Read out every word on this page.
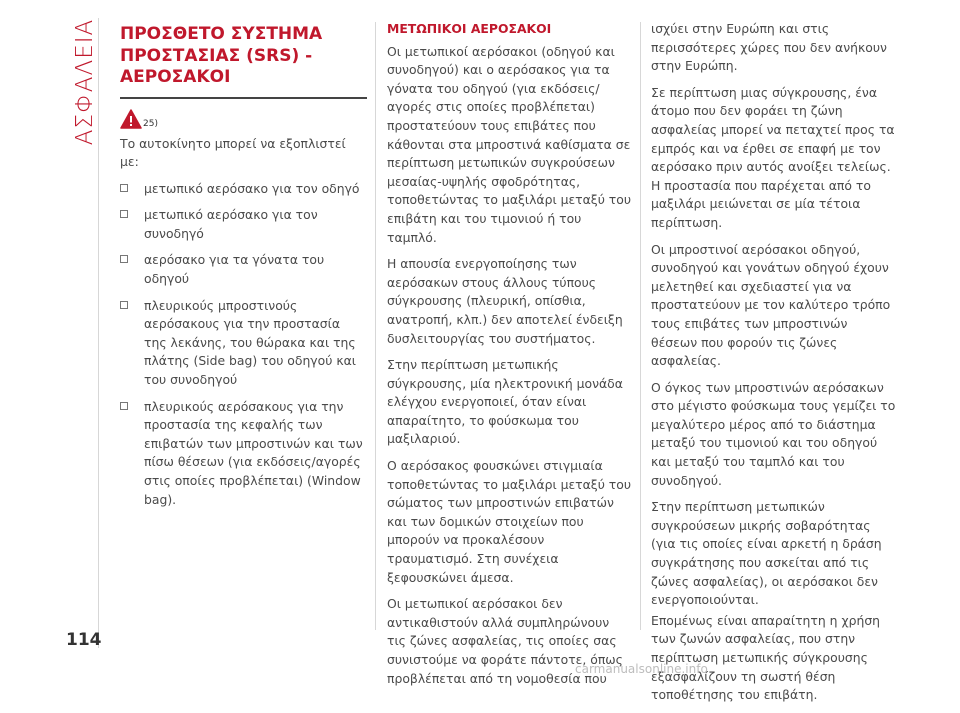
ΑΣΦΑΛΕΙΑ ΠΡΟΣΘΕΤΟ ΣΥΣΤΗΜΑ
ΠΡΟΣΤΑΣΙΑΣ (SRS) -
ΑΕΡΟΣΑΚΟΙ
25)

Το αυτοκίνητο μπορεί να εξοπλιστεί με:

μετωπικό αερόσακο για τον οδηγό
μετωπικό αερόσακο για τον συνοδηγό
αερόσακο για τα γόνατα του οδηγού
πλευρικούς μπροστινούς αερόσακους για την προστασία της λεκάνης, του θώρακα και της πλάτης (Side bag) του οδηγού και του συνοδηγού
πλευρικούς αερόσακους για την προστασία της κεφαλής των επιβατών των μπροστινών και των πίσω θέσεων (για εκδόσεις/αγορές στις οποίες προβλέπεται) (Window bag).
ΜΕΤΩΠΙΚΟΙ ΑΕΡΟΣΑΚΟΙ

Οι μετωπικοί αερόσακοι (οδηγού και συνοδηγού) και ο αερόσακος για τα γόνατα του οδηγού (για εκδόσεις/αγορές στις οποίες προβλέπεται) προστατεύουν τους επιβάτες που κάθονται στα μπροστινά καθίσματα σε περίπτωση μετωπικών συγκρούσεων μεσαίας-υψηλής σφοδρότητας, τοποθετώντας το μαξιλάρι μεταξύ του επιβάτη και του τιμονιού ή του ταμπλό.

Η απουσία ενεργοποίησης των αερόσακων στους άλλους τύπους σύγκρουσης (πλευρική, οπίσθια, ανατροπή, κλπ.) δεν αποτελεί ένδειξη δυσλειτουργίας του συστήματος.

Στην περίπτωση μετωπικής σύγκρουσης, μία ηλεκτρονική μονάδα ελέγχου ενεργοποιεί, όταν είναι απαραίτητο, το φούσκωμα του μαξιλαριού.

Ο αερόσακος φουσκώνει στιγμιαία τοποθετώντας το μαξιλάρι μεταξύ του σώματος των μπροστινών επιβατών και των δομικών στοιχείων που μπορούν να προκαλέσουν τραυματισμό. Στη συνέχεια ξεφουσκώνει άμεσα.

Οι μετωπικοί αερόσακοι δεν αντικαθιστούν αλλά συμπληρώνουν τις ζώνες ασφαλείας, τις οποίες σας συνιστούμε να φοράτε πάντοτε, όπως προβλέπεται από τη νομοθεσία που

ισχύει στην Ευρώπη και στις περισσότερες χώρες που δεν ανήκουν στην Ευρώπη.

Σε περίπτωση μιας σύγκρουσης, ένα άτομο που δεν φοράει τη ζώνη ασφαλείας μπορεί να πεταχτεί προς τα εμπρός και να έρθει σε επαφή με τον αερόσακο πριν αυτός ανοίξει τελείως. Η προστασία που παρέχεται από το μαξιλάρι μειώνεται σε μία τέτοια περίπτωση.

Οι μπροστινοί αερόσακοι οδηγού, συνοδηγού και γονάτων οδηγού έχουν μελετηθεί και σχεδιαστεί για να προστατεύουν με τον καλύτερο τρόπο τους επιβάτες των μπροστινών θέσεων που φορούν τις ζώνες ασφαλείας.

Ο όγκος των μπροστινών αερόσακων στο μέγιστο φούσκωμα τους γεμίζει το μεγαλύτερο μέρος από το διάστημα μεταξύ του τιμονιού και του οδηγού και μεταξύ του ταμπλό και του συνοδηγού.

Στην περίπτωση μετωπικών συγκρούσεων μικρής σοβαρότητας (για τις οποίες είναι αρκετή η δράση συγκράτησης που ασκείται από τις ζώνες ασφαλείας), οι αερόσακοι δεν ενεργοποιούνται.

Επομένως είναι απαραίτητη η χρήση των ζωνών ασφαλείας, που στην περίπτωση μετωπικής σύγκρουσης εξασφαλίζουν τη σωστή θέση τοποθέτησης του επιβάτη.

114
carmanualsonline.info
